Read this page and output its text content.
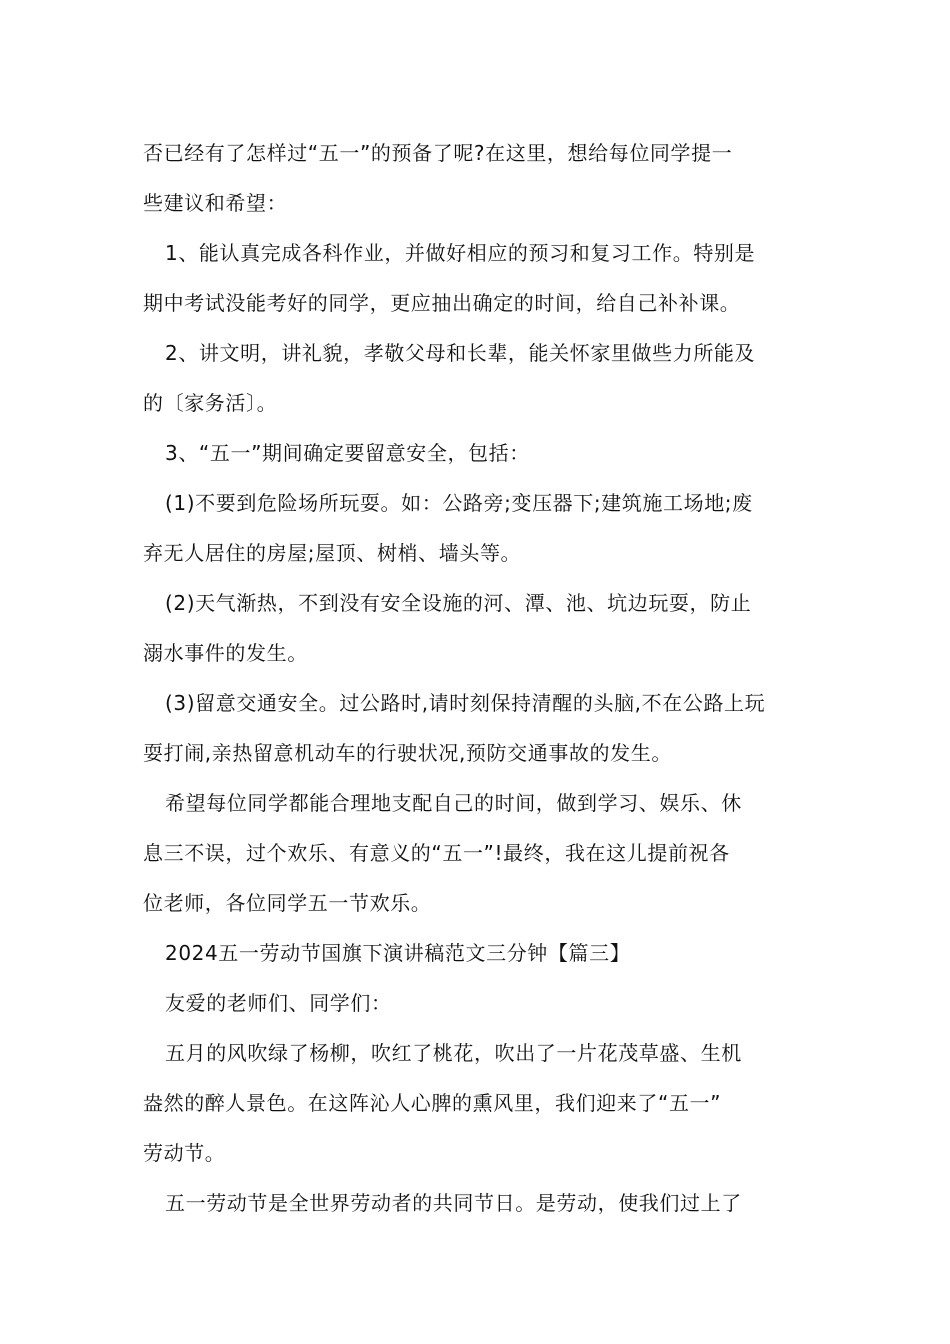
否已经有了怎样过“五一”的预备了呢?在这里，想给每位同学提一
些建议和希望：
1、能认真完成各科作业，并做好相应的预习和复习工作。特别是
期中考试没能考好的同学，更应抽出确定的时间，给自己补补课。
2、讲文明，讲礼貌，孝敬父母和长辈，能关怀家里做些力所能及
的〔家务活〕。
3、“五一”期间确定要留意安全，包括：
(1)不要到危险场所玩耍。如：公路旁;变压器下;建筑施工场地;废
弃无人居住的房屋;屋顶、树梢、墙头等。
(2)天气渐热，不到没有安全设施的河、潭、池、坑边玩耍，防止
溺水事件的发生。
(3)留意交通安全。过公路时,请时刻保持清醒的头脑,不在公路上玩
耍打闹,亲热留意机动车的行驶状况,预防交通事故的发生。
希望每位同学都能合理地支配自己的时间，做到学习、娱乐、休
息三不误，过个欢乐、有意义的“五一”!最终，我在这儿提前祝各
位老师，各位同学五一节欢乐。
2024五一劳动节国旗下演讲稿范文三分钟【篇三】
友爱的老师们、同学们：
五月的风吹绿了杨柳，吹红了桃花，吹出了一片花茂草盛、生机
盎然的醉人景色。在这阵沁人心脾的熏风里，我们迎来了“五一”
劳动节。
五一劳动节是全世界劳动者的共同节日。是劳动，使我们过上了
